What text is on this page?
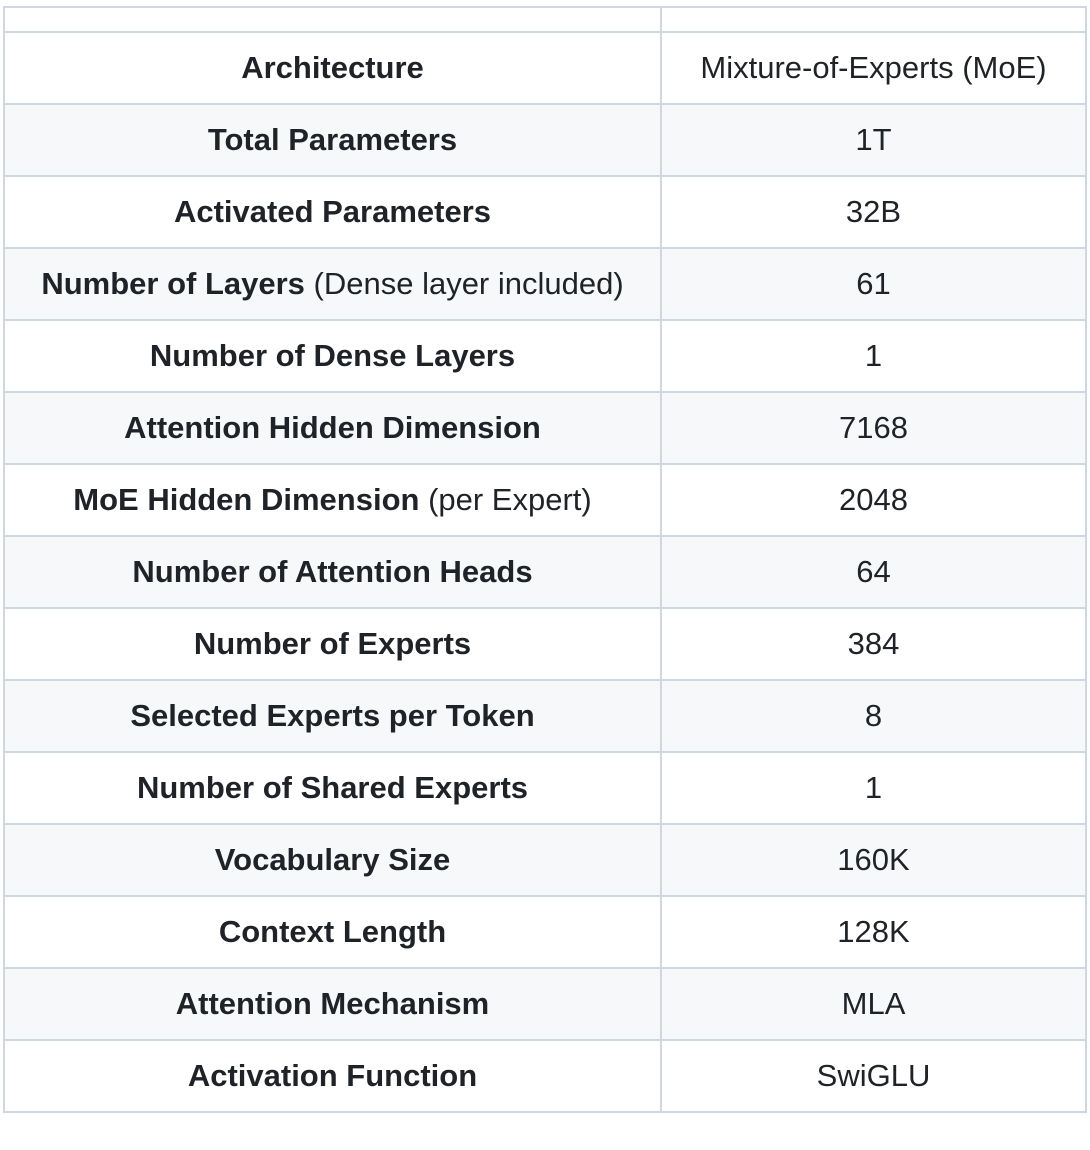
Architecture	Mixture-of-Experts (MoE)
Total Parameters	1T
Activated Parameters	32B
Number of Layers (Dense layer included)	61
Number of Dense Layers	1
Attention Hidden Dimension	7168
MoE Hidden Dimension (per Expert)	2048
Number of Attention Heads	64
Number of Experts	384
Selected Experts per Token	8
Number of Shared Experts	1
Vocabulary Size	160K
Context Length	128K
Attention Mechanism	MLA
Activation Function	SwiGLU
